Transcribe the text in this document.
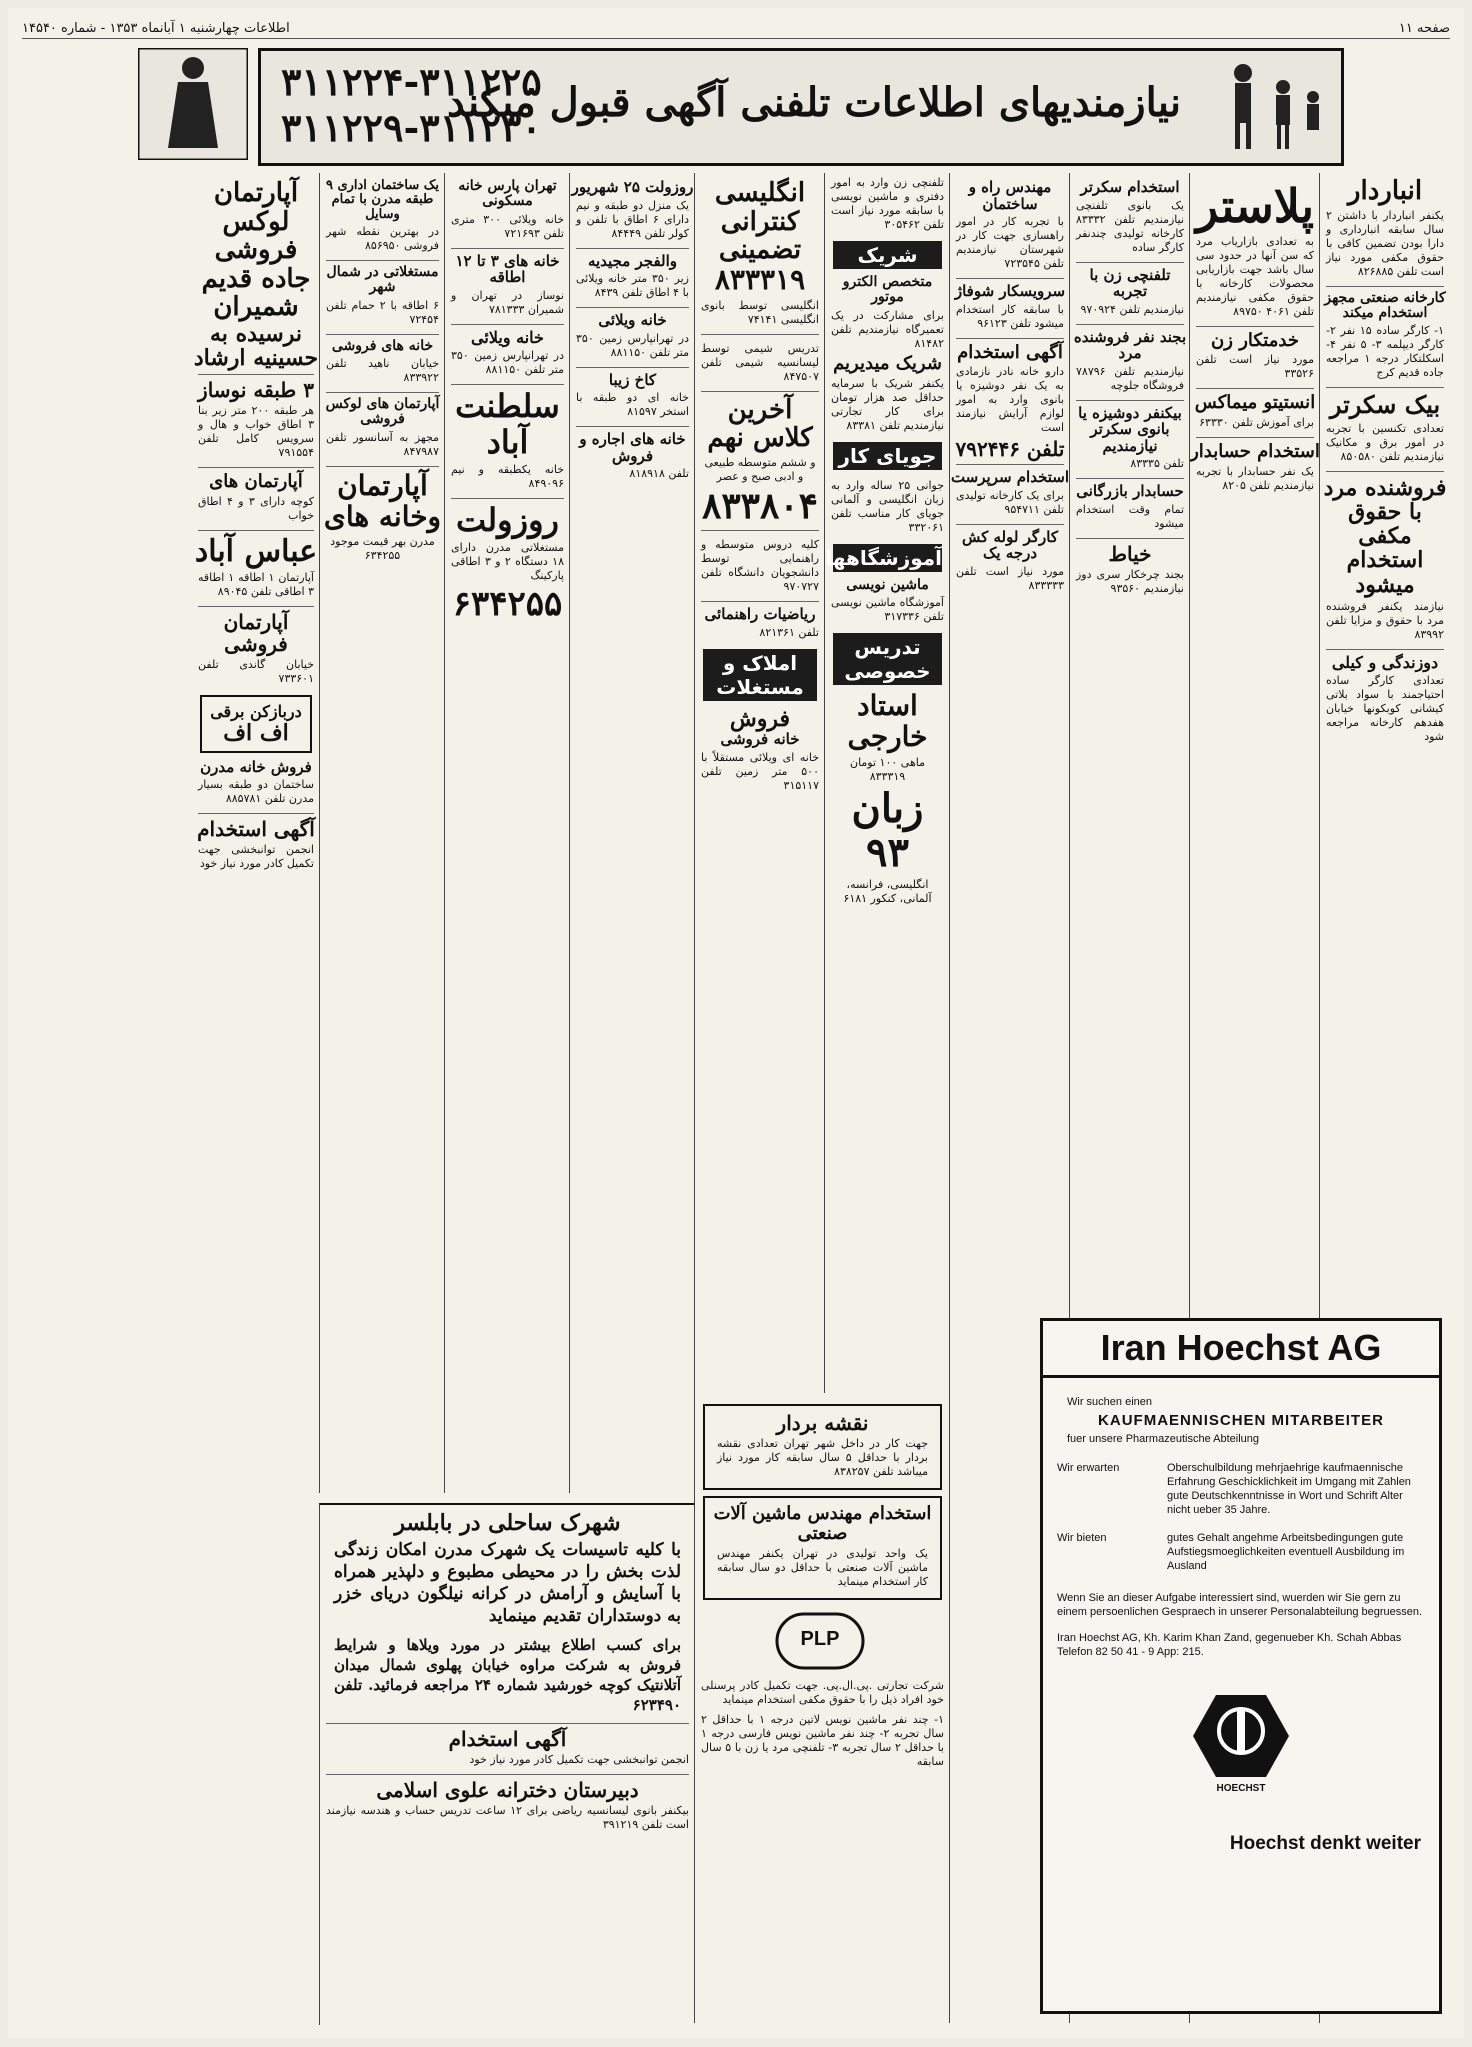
صفحه ۱۱
اطلاعات چهارشنبه ۱ آبانماه ۱۳۵۳ - شماره ۱۴۵۴۰
نیازمندیهای اطلاعات تلفنی آگهی قبول میکند
۳۱۱۲۲۴-۳۱۱۲۲۵
۳۱۱۲۲۹-۳۱۱۲۳۰
انباردار
یکنفر انباردار با داشتن ۲ سال سابقه انبارداری و دارا بودن تضمین کافی با حقوق مکفی مورد نیاز است تلفن ۸۲۶۸۸۵
کارخانه صنعتی مجهز استخدام میکند
۱- کارگر ساده ۱۵ نفر ۲- کارگر دیپلمه ۳- ۵ نفر ۴- اسکلتکار درجه ۱ مراجعه جاده قدیم کرج
بیک سکرتر
تعدادی تکنسین با تجربه در امور برق و مکانیک نیازمندیم تلفن ۸۵۰۵۸۰
فروشنده مرد با حقوق مکفی استخدام میشود
نیازمند یکنفر فروشنده مرد با حقوق و مزایا تلفن ۸۳۹۹۲
دوزندگی و کیلی
تعدادی کارگر ساده احتیاجمند با سواد بلاتی کیشانی کوبکونها خیابان هفدهم کارخانه مراجعه شود
پلاستر
به تعدادی بازاریاب مرد که سن آنها در حدود سی سال باشد جهت بازاریابی محصولات کارخانه با حقوق مکفی نیازمندیم تلفن ۴۰۶۱ ۸۹۷۵۰
خدمتکار زن
مورد نیاز است تلفن ۳۳۵۲۶
انستیتو میماکس
برای آموزش تلفن ۶۳۳۳۰
استخدام حسابدار
یک نفر حسابدار با تجربه نیازمندیم تلفن ۸۲۰۵
استخدام سکرتر
یک بانوی تلفنچی نیازمندیم تلفن ۸۳۳۳۲ کارخانه تولیدی چندنفر کارگر ساده
تلفنچی زن با تجربه
نیازمندیم تلفن ۹۷۰۹۲۴
بجند نفر فروشنده مرد
نیازمندیم تلفن ۷۸۷۹۶ فروشگاه جلوچه
بیکنفر دوشیزه یا بانوی سکرتر نیازمندیم
تلفن ۸۳۳۳۵
حسابدار بازرگانی
تمام وقت استخدام میشود
خیاط
بجند چرخکار سری دوز نیازمندیم ۹۳۵۶۰
مهندس راه و ساختمان
با تجربه کار در امور راهسازی جهت کار در شهرستان نیازمندیم تلفن ۷۲۳۵۴۵
سرویسکار شوفاژ
با سابقه کار استخدام میشود تلفن ۹۶۱۲۳
آگهی استخدام
دارو خانه نادر نازمادی به یک نفر دوشیزه یا بانوی وارد به امور لوازم آرایش نیازمند است
تلفن ۷۹۲۴۴۶
استخدام سرپرست
برای یک کارخانه تولیدی تلفن ۹۵۴۷۱۱
کارگر لوله کش درجه یک
مورد نیاز است تلفن ۸۳۳۳۳۳
تلفنچی زن وارد به امور دفتری و ماشین نویسی با سابقه مورد نیاز است تلفن ۳۰۵۴۶۲
شریک
متخصص الکترو موتور
برای مشارکت در یک تعمیرگاه نیازمندیم تلفن ۸۱۴۸۲
شریک میدیریم
یکنفر شریک با سرمایه حداقل صد هزار تومان برای کار تجارتی نیازمندیم تلفن ۸۳۳۸۱
جویای کار
جوانی ۲۵ ساله وارد به زبان انگلیسی و آلمانی جویای کار مناسب تلفن ۳۳۲۰۶۱
آموزشگاهها
ماشین نویسی
آموزشگاه ماشین نویسی تلفن ۳۱۷۳۳۶
تدریس خصوصی
استاد خارجی
ماهی ۱۰۰ تومان ۸۳۳۳۱۹
زبان ۹۳
انگلیسی، فرانسه، آلمانی، کنکور ۶۱۸۱
انگلیسی کنترانی تضمینی
۸۳۳۳۱۹
انگلیسی توسط بانوی انگلیسی ۷۴۱۴۱
تدریس شیمی توسط لیسانسیه شیمی تلفن ۸۴۷۵۰۷
آخرین کلاس نهم
و ششم متوسطه طبیعی و ادبی صبح و عصر
۸۳۳۸۰۴
کلیه دروس متوسطه و راهنمایی توسط دانشجویان دانشگاه تلفن ۹۷۰۷۲۷
ریاضیات راهنمائی
تلفن ۸۲۱۳۶۱
املاک و مستغلات
فروش
خانه فروشی
خانه ای ویلائی مستقلاً با ۵۰۰ متر زمین تلفن ۳۱۵۱۱۷
روزولت ۲۵ شهریور
یک منزل دو طبقه و نیم دارای ۶ اطاق با تلفن و کولر تلفن ۸۴۴۴۹
والفجر مجیدیه
زیر ۳۵۰ متر خانه ویلائی با ۴ اطاق تلفن ۸۴۳۹
خانه ویلائی
در تهرانپارس زمین ۳۵۰ متر تلفن ۸۸۱۱۵۰
کاخ زیبا
خانه ای دو طبقه با استخر ۸۱۵۹۷
خانه های اجاره و فروش
تلفن ۸۱۸۹۱۸
تهران پارس خانه مسکونی
خانه ویلائی ۳۰۰ متری تلفن ۷۲۱۶۹۳
خانه های ۳ تا ۱۲ اطاقه
نوساز در تهران و شمیران ۷۸۱۳۳۳
خانه ویلائی
در تهرانپارس زمین ۳۵۰ متر تلفن ۸۸۱۱۵۰
سلطنت آباد
خانه یکطبقه و نیم ۸۴۹۰۹۶
روزولت
مستغلاتی مدرن دارای ۱۸ دستگاه ۲ و ۳ اطاقی پارکینگ
۶۳۴۲۵۵
یک ساختمان اداری ۹ طبقه مدرن با تمام وسایل
در بهترین نقطه شهر فروشی ۸۵۶۹۵۰
مستغلاتی در شمال شهر
۶ اطاقه با ۲ حمام تلفن ۷۲۴۵۴
خانه های فروشی
خیابان ناهید تلفن ۸۳۳۹۲۲
آپارتمان های لوکس فروشی
مجهز به آسانسور تلفن ۸۴۷۹۸۷
آپارتمان وخانه های
مدرن بهر قیمت موجود ۶۳۴۲۵۵
آپارتمان لوکس فروشی جاده قدیم شمیران
نرسیده به حسینیه ارشاد
۳ طبقه نوساز
هر طبقه ۲۰۰ متر زیر بنا ۳ اطاق خواب و هال و سرویس کامل تلفن ۷۹۱۵۵۴
آپارتمان های
کوچه دارای ۳ و ۴ اطاق خواب
عباس آباد
آپارتمان ۱ اطاقه ۱ اطاقه ۳ اطاقی تلفن ۸۹۰۴۵
آپارتمان فروشی
خیابان گاندی تلفن ۷۳۳۶۰۱
دربازکن برقی
اف اف
فروش خانه مدرن
ساختمان دو طبقه بسیار مدرن تلفن ۸۸۵۷۸۱
آگهی استخدام
انجمن توانبخشی جهت تکمیل کادر مورد نیاز خود
شهرک ساحلی در بابلسر
با کلیه تاسیسات یک شهرک مدرن امکان زندگی لذت بخش را در محیطی مطبوع و دلپذیر همراه با آسایش و آرامش در کرانه نیلگون دریای خزر به دوستداران تقدیم مینماید
برای کسب اطلاع بیشتر در مورد ویلاها و شرایط فروش به شرکت مراوه خیابان پهلوی شمال میدان آتلانتیک کوچه خورشید شماره ۲۴ مراجعه فرمائید. تلفن ۶۲۳۴۹۰
آگهی استخدام
انجمن توانبخشی جهت تکمیل کادر مورد نیاز خود
دبیرستان دخترانه علوی اسلامی
بیکنفر بانوی لیسانسیه ریاضی برای ۱۲ ساعت تدریس حساب و هندسه نیازمند است تلفن ۳۹۱۲۱۹
نقشه بردار
جهت کار در داخل شهر تهران تعدادی نقشه بردار با حداقل ۵ سال سابقه کار مورد نیاز میباشد تلفن ۸۳۸۲۵۷
استخدام مهندس ماشین آلات صنعتی
یک واحد تولیدی در تهران یکنفر مهندس ماشین آلات صنعتی با حداقل دو سال سابقه کار استخدام مینماید
PLP
شرکت تجارتی .پی.ال.پی. جهت تکمیل کادر پرسنلی خود افراد ذیل را با حقوق مکفی استخدام مینماید
۱- چند نفر ماشین نویس لاتین درجه ۱ با حداقل ۲ سال تجربه ۲- چند نفر ماشین نویس فارسی درجه ۱ با حداقل ۲ سال تجربه ۳- تلفنچی مرد یا زن با ۵ سال سابقه
Iran Hoechst AG
Wir suchen einen
KAUFMAENNISCHEN MITARBEITER
fuer unsere Pharmazeutische Abteilung
Wir erwarten	Oberschulbildung mehrjaehrige kaufmaennische Erfahrung Geschicklichkeit im Umgang mit Zahlen gute Deutschkenntnisse in Wort und Schrift Alter nicht ueber 35 Jahre.
Wir bieten	gutes Gehalt angehme Arbeitsbedingungen gute Aufstiegsmoeglichkeiten eventuell Ausbildung im Ausland
Wenn Sie an dieser Aufgabe interessiert sind, wuerden wir Sie gern zu einem persoenlichen Gespraech in unserer Personalabteilung begruessen.
Iran Hoechst AG, Kh. Karim Khan Zand, gegenueber Kh. Schah Abbas Telefon 82 50 41 - 9 App: 215.
HOECHST
Hoechst denkt weiter
